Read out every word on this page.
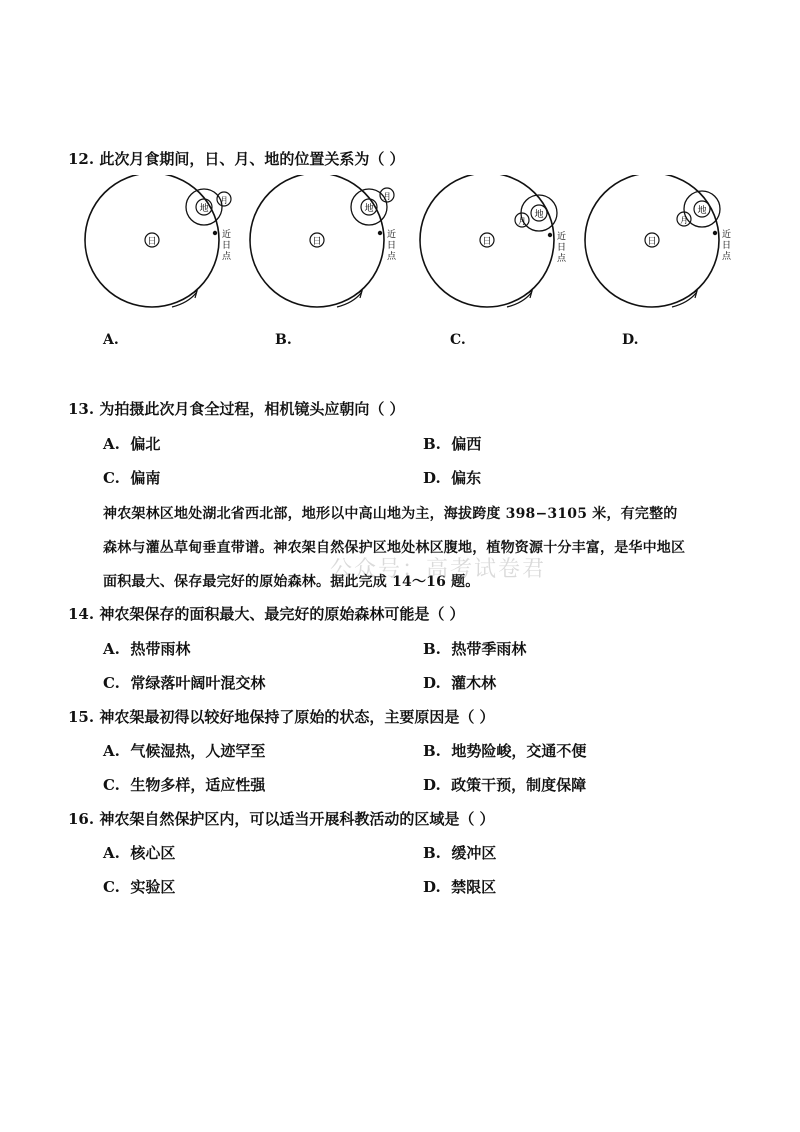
12. 此次月食期间，日、月、地的位置关系为（ ）
日
地
月
近
日
点
日
地
月
近
日
点
日
地
月
近
日
点
日
地
月
近
日
点
A.	B.	C.	D.
13. 为拍摄此次月食全过程，相机镜头应朝向（ ）
A. 偏北	B. 偏西
C. 偏南	D. 偏东
神农架林区地处湖北省西北部，地形以中高山地为主，海拔跨度 398−3105 米，有完整的
森林与灌丛草甸垂直带谱。神农架自然保护区地处林区腹地，植物资源十分丰富，是华中地区
面积最大、保存最完好的原始森林。据此完成 14～16 题。
公众号：高考试卷君
14. 神农架保存的面积最大、最完好的原始森林可能是（ ）
A. 热带雨林	B. 热带季雨林
C. 常绿落叶阔叶混交林	D. 灌木林
15. 神农架最初得以较好地保持了原始的状态，主要原因是（ ）
A. 气候湿热，人迹罕至	B. 地势险峻，交通不便
C. 生物多样，适应性强	D. 政策干预，制度保障
16. 神农架自然保护区内，可以适当开展科教活动的区域是（ ）
A. 核心区	B. 缓冲区
C. 实验区	D. 禁限区
